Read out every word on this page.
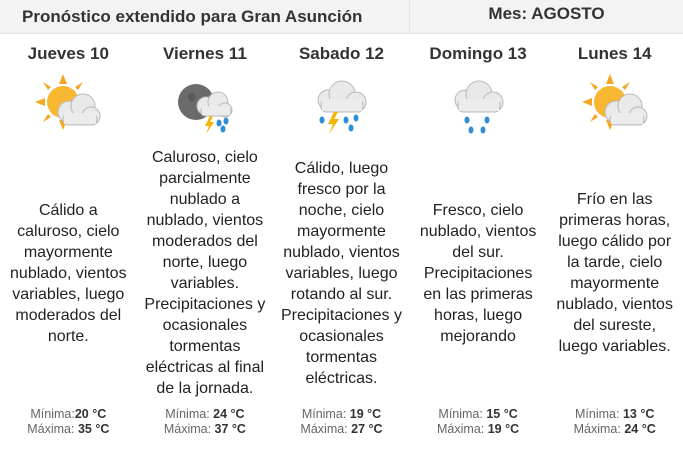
Pronóstico extendido para Gran Asunción	Mes: AGOSTO
Jueves 10
Cálido a caluroso, cielo mayormente nublado, vientos variables, luego moderados del norte.
Mínima:20 °C
Máxima: 35 °C
Viernes 11
Caluroso, cielo parcialmente nublado a nublado, vientos moderados del norte, luego variables. Precipitaciones y ocasionales tormentas eléctricas al final de la jornada.
Mínima: 24 °C
Máxima: 37 °C
Sabado 12
Cálido, luego fresco por la noche, cielo mayormente nublado, vientos variables, luego rotando al sur. Precipitaciones y ocasionales tormentas eléctricas.
Mínima: 19 °C
Máxima: 27 °C
Domingo 13
Fresco, cielo nublado, vientos del sur. Precipitaciones en las primeras horas, luego mejorando
Mínima: 15 °C
Máxima: 19 °C
Lunes 14
Frío en las primeras horas, luego cálido por la tarde, cielo mayormente nublado, vientos del sureste, luego variables.
Mínima: 13 °C
Máxima: 24 °C
